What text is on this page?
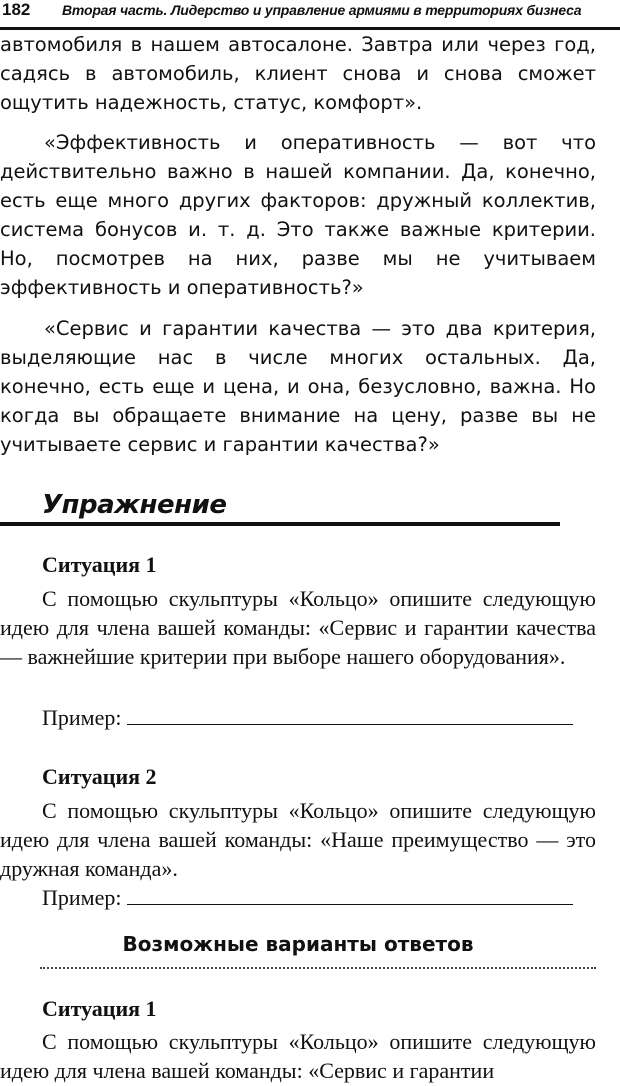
182 Вторая часть. Лидерство и управление армиями в территориях бизнеса

автомобиля в нашем автосалоне. Завтра или через год, садясь в автомобиль, клиент снова и снова сможет ощутить надежность, статус, комфорт».

«Эффективность и оперативность — вот что действительно важно в нашей компании. Да, конечно, есть еще много других факторов: дружный коллектив, система бонусов и. т. д. Это также важные критерии. Но, посмотрев на них, разве мы не учитываем эффективность и оперативность?»

«Сервис и гарантии качества — это два критерия, выделяющие нас в числе многих остальных. Да, конечно, есть еще и цена, и она, безусловно, важна. Но когда вы обращаете внимание на цену, разве вы не учитываете сервис и гарантии качества?»

Упражнение
Ситуация 1

С помощью скульптуры «Кольцо» опишите следующую идею для члена вашей команды: «Сервис и гарантии качества — важнейшие критерии при выборе нашего оборудования».

Пример:
Ситуация 2

С помощью скульптуры «Кольцо» опишите следующую идею для члена вашей команды: «Наше преимущество — это дружная команда».

Пример:
Возможные варианты ответов
Ситуация 1

С помощью скульптуры «Кольцо» опишите следующую идею для члена вашей команды: «Сервис и гарантии
